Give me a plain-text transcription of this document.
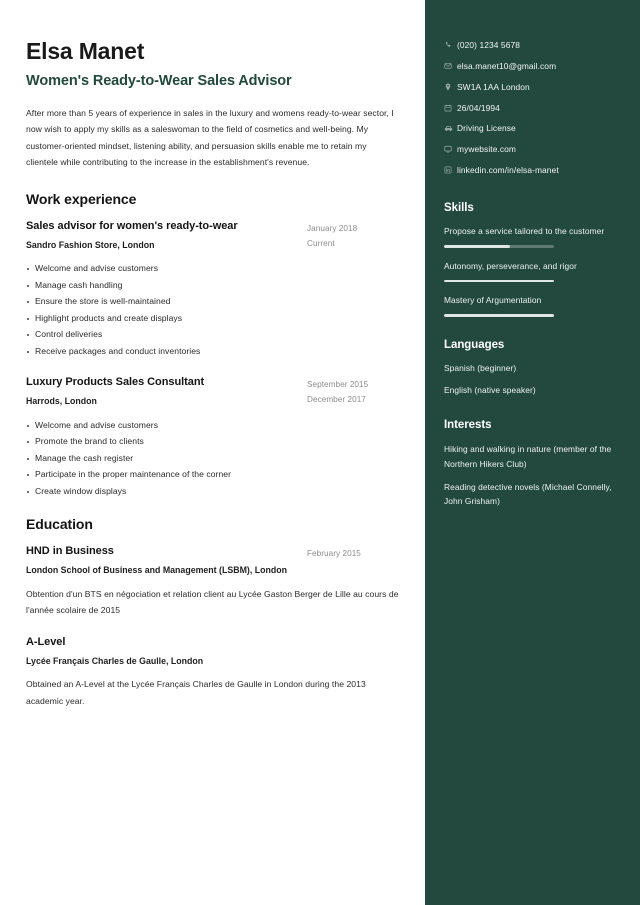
Elsa Manet
Women's Ready-to-Wear Sales Advisor
After more than 5 years of experience in sales in the luxury and womens ready-to-wear sector, I now wish to apply my skills as a saleswoman to the field of cosmetics and well-being. My customer-oriented mindset, listening ability, and persuasion skills enable me to retain my clientele while contributing to the increase in the establishment's revenue.
Work experience
Sales advisor for women's ready-to-wear
Sandro Fashion Store, London
January 2018
Current
Welcome and advise customers
Manage cash handling
Ensure the store is well-maintained
Highlight products and create displays
Control deliveries
Receive packages and conduct inventories
Luxury Products Sales Consultant
Harrods, London
September 2015
December 2017
Welcome and advise customers
Promote the brand to clients
Manage the cash register
Participate in the proper maintenance of the corner
Create window displays
Education
HND in Business
London School of Business and Management (LSBM), London
February 2015
Obtention d'un BTS en négociation et relation client au Lycée Gaston Berger de Lille au cours de l'année scolaire de 2015
A-Level
Lycée Français Charles de Gaulle, London
Obtained an A-Level at the Lycée Français Charles de Gaulle in London during the 2013 academic year.
(020) 1234 5678
elsa.manet10@gmail.com
SW1A 1AA London
26/04/1994
Driving License
mywebsite.com
linkedin.com/in/elsa-manet
Skills
Propose a service tailored to the customer
Autonomy, perseverance, and rigor
Mastery of Argumentation
Languages
Spanish (beginner)
English (native speaker)
Interests
Hiking and walking in nature (member of the Northern Hikers Club)
Reading detective novels (Michael Connelly, John Grisham)
